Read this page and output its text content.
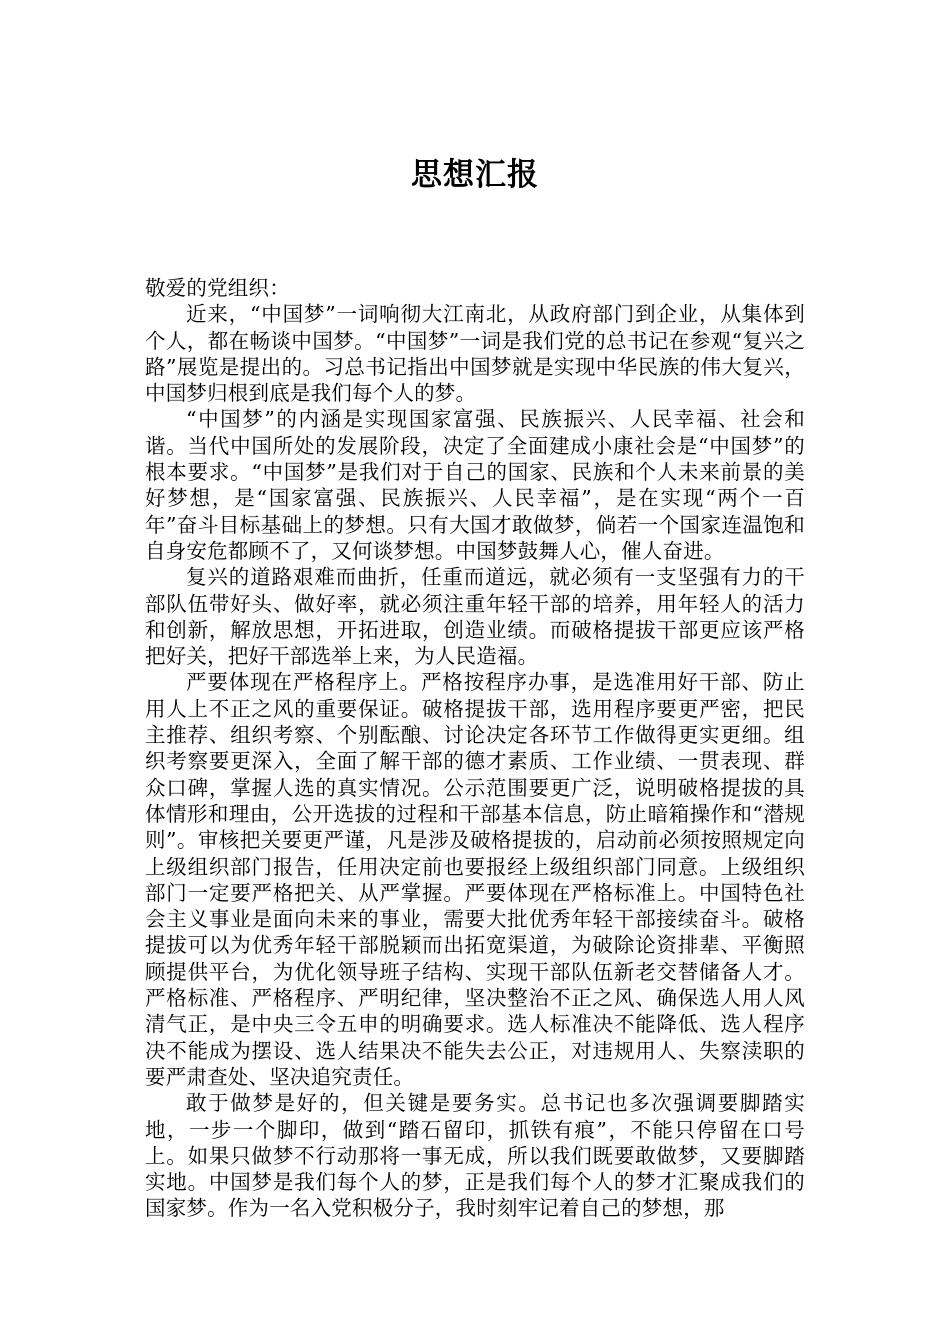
思想汇报

敬爱的党组织：

近来，“中国梦”一词响彻大江南北，从政府部门到企业，从集体到个人，都在畅谈中国梦。“中国梦”一词是我们党的总书记在参观“复兴之路”展览是提出的。习总书记指出中国梦就是实现中华民族的伟大复兴，中国梦归根到底是我们每个人的梦。

“中国梦”的内涵是实现国家富强、民族振兴、人民幸福、社会和谐。当代中国所处的发展阶段，决定了全面建成小康社会是“中国梦”的根本要求。“中国梦”是我们对于自己的国家、民族和个人未来前景的美好梦想，是“国家富强、民族振兴、人民幸福”，是在实现“两个一百年”奋斗目标基础上的梦想。只有大国才敢做梦，倘若一个国家连温饱和自身安危都顾不了，又何谈梦想。中国梦鼓舞人心，催人奋进。

复兴的道路艰难而曲折，任重而道远，就必须有一支坚强有力的干部队伍带好头、做好率，就必须注重年轻干部的培养，用年轻人的活力和创新，解放思想，开拓进取，创造业绩。而破格提拔干部更应该严格把好关，把好干部选举上来，为人民造福。

严要体现在严格程序上。严格按程序办事，是选准用好干部、防止用人上不正之风的重要保证。破格提拔干部，选用程序要更严密，把民主推荐、组织考察、个别酝酿、讨论决定各环节工作做得更实更细。组织考察要更深入，全面了解干部的德才素质、工作业绩、一贯表现、群众口碑，掌握人选的真实情况。公示范围要更广泛，说明破格提拔的具体情形和理由，公开选拔的过程和干部基本信息，防止暗箱操作和“潜规则”。审核把关要更严谨，凡是涉及破格提拔的，启动前必须按照规定向上级组织部门报告，任用决定前也要报经上级组织部门同意。上级组织部门一定要严格把关、从严掌握。严要体现在严格标准上。中国特色社会主义事业是面向未来的事业，需要大批优秀年轻干部接续奋斗。破格提拔可以为优秀年轻干部脱颖而出拓宽渠道，为破除论资排辈、平衡照顾提供平台，为优化领导班子结构、实现干部队伍新老交替储备人才。严格标准、严格程序、严明纪律，坚决整治不正之风、确保选人用人风清气正，是中央三令五申的明确要求。选人标准决不能降低、选人程序决不能成为摆设、选人结果决不能失去公正，对违规用人、失察渎职的要严肃查处、坚决追究责任。

敢于做梦是好的，但关键是要务实。总书记也多次强调要脚踏实地，一步一个脚印，做到“踏石留印，抓铁有痕”，不能只停留在口号上。如果只做梦不行动那将一事无成，所以我们既要敢做梦，又要脚踏实地。中国梦是我们每个人的梦，正是我们每个人的梦才汇聚成我们的国家梦。作为一名入党积极分子，我时刻牢记着自己的梦想，那
